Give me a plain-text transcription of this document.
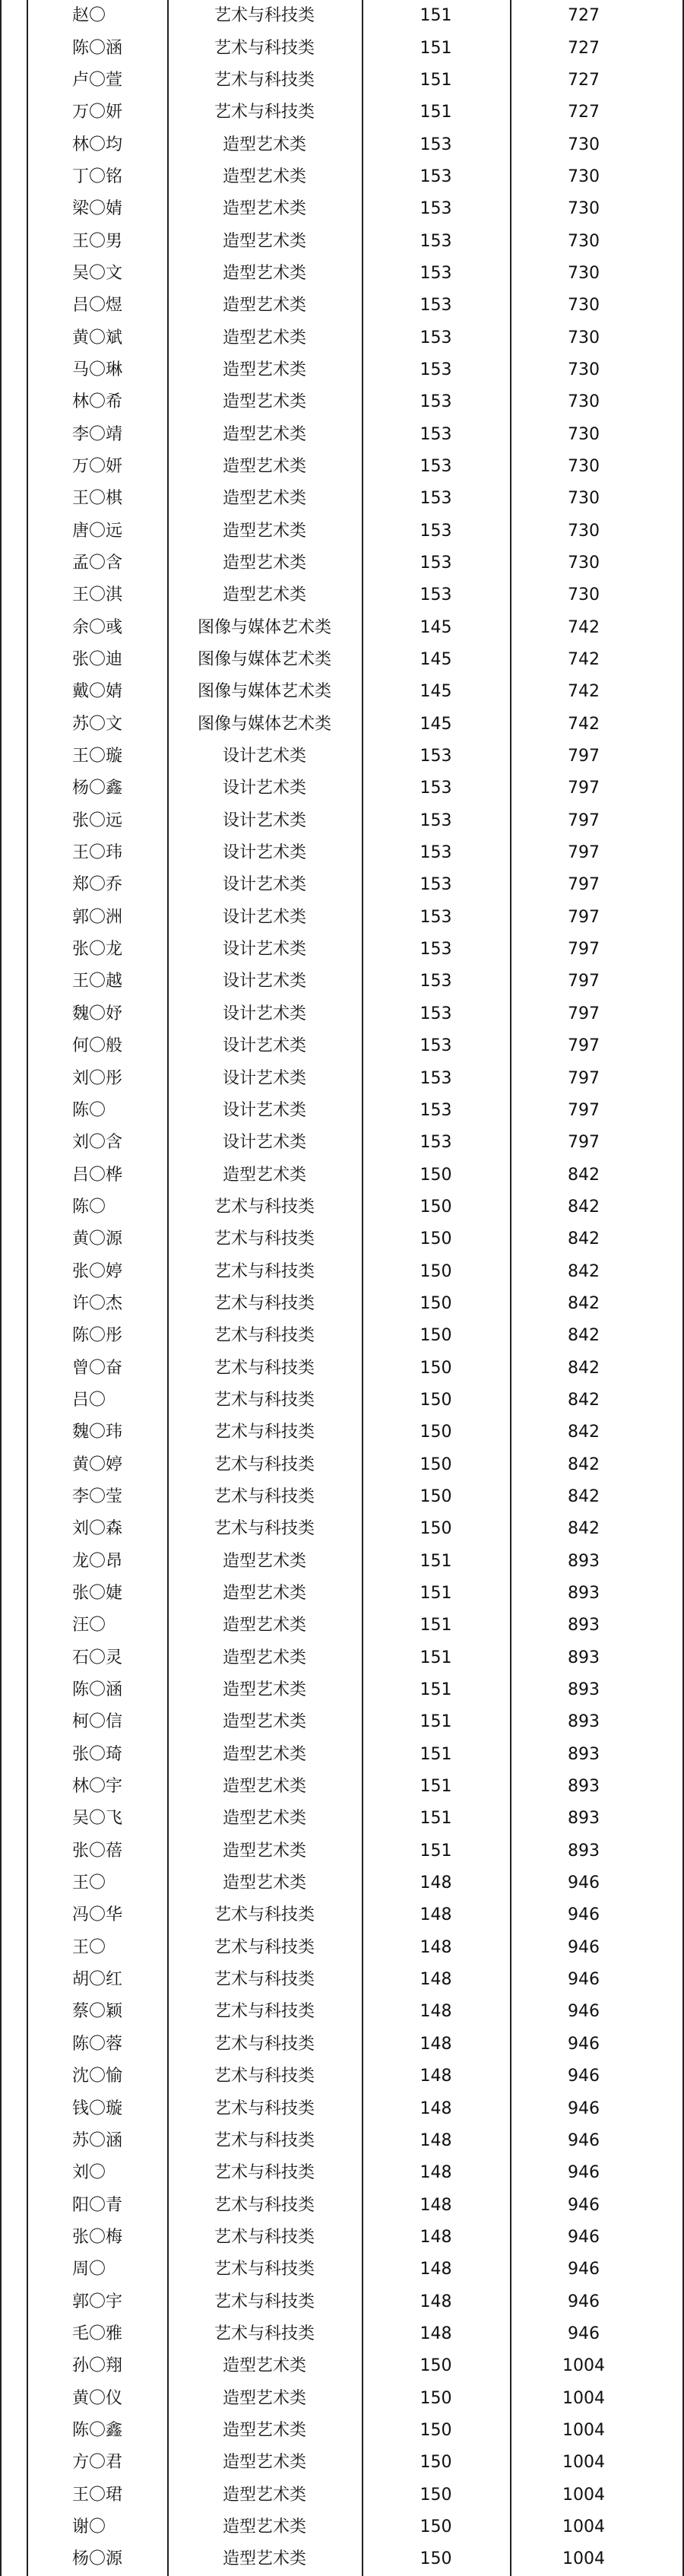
赵〇	艺术与科技类	151	727
陈〇涵	艺术与科技类	151	727
卢〇萱	艺术与科技类	151	727
万〇妍	艺术与科技类	151	727
林〇均	造型艺术类	153	730
丁〇铭	造型艺术类	153	730
梁〇婧	造型艺术类	153	730
王〇男	造型艺术类	153	730
吴〇文	造型艺术类	153	730
吕〇煜	造型艺术类	153	730
黄〇斌	造型艺术类	153	730
马〇琳	造型艺术类	153	730
林〇希	造型艺术类	153	730
李〇靖	造型艺术类	153	730
万〇妍	造型艺术类	153	730
王〇棋	造型艺术类	153	730
唐〇远	造型艺术类	153	730
孟〇含	造型艺术类	153	730
王〇淇	造型艺术类	153	730
余〇彧	图像与媒体艺术类	145	742
张〇迪	图像与媒体艺术类	145	742
戴〇婧	图像与媒体艺术类	145	742
苏〇文	图像与媒体艺术类	145	742
王〇璇	设计艺术类	153	797
杨〇鑫	设计艺术类	153	797
张〇远	设计艺术类	153	797
王〇玮	设计艺术类	153	797
郑〇乔	设计艺术类	153	797
郭〇洲	设计艺术类	153	797
张〇龙	设计艺术类	153	797
王〇越	设计艺术类	153	797
魏〇妤	设计艺术类	153	797
何〇般	设计艺术类	153	797
刘〇彤	设计艺术类	153	797
陈〇	设计艺术类	153	797
刘〇含	设计艺术类	153	797
吕〇桦	造型艺术类	150	842
陈〇	艺术与科技类	150	842
黄〇源	艺术与科技类	150	842
张〇婷	艺术与科技类	150	842
许〇杰	艺术与科技类	150	842
陈〇彤	艺术与科技类	150	842
曾〇奋	艺术与科技类	150	842
吕〇	艺术与科技类	150	842
魏〇玮	艺术与科技类	150	842
黄〇婷	艺术与科技类	150	842
李〇莹	艺术与科技类	150	842
刘〇森	艺术与科技类	150	842
龙〇昂	造型艺术类	151	893
张〇婕	造型艺术类	151	893
汪〇	造型艺术类	151	893
石〇灵	造型艺术类	151	893
陈〇涵	造型艺术类	151	893
柯〇信	造型艺术类	151	893
张〇琦	造型艺术类	151	893
林〇宇	造型艺术类	151	893
吴〇飞	造型艺术类	151	893
张〇蓓	造型艺术类	151	893
王〇	造型艺术类	148	946
冯〇华	艺术与科技类	148	946
王〇	艺术与科技类	148	946
胡〇红	艺术与科技类	148	946
蔡〇颖	艺术与科技类	148	946
陈〇蓉	艺术与科技类	148	946
沈〇愉	艺术与科技类	148	946
钱〇璇	艺术与科技类	148	946
苏〇涵	艺术与科技类	148	946
刘〇	艺术与科技类	148	946
阳〇青	艺术与科技类	148	946
张〇梅	艺术与科技类	148	946
周〇	艺术与科技类	148	946
郭〇宇	艺术与科技类	148	946
毛〇雅	艺术与科技类	148	946
孙〇翔	造型艺术类	150	1004
黄〇仪	造型艺术类	150	1004
陈〇鑫	造型艺术类	150	1004
方〇君	造型艺术类	150	1004
王〇珺	造型艺术类	150	1004
谢〇	造型艺术类	150	1004
杨〇源	造型艺术类	150	1004
